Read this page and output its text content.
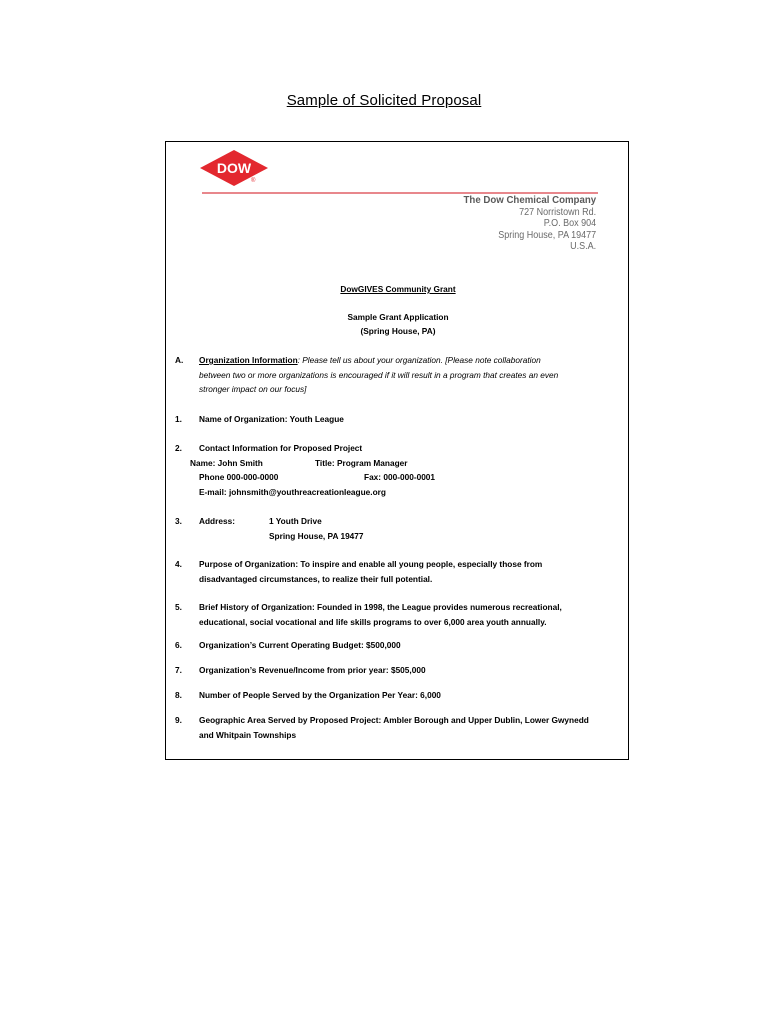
Sample of Solicited Proposal
DOW
®
The Dow Chemical Company
727 Norristown Rd.
P.O. Box 904
Spring House, PA 19477
U.S.A.
DowGIVES Community Grant
Sample Grant Application
(Spring House, PA)
A.	Organization Information: Please tell us about your organization. [Please note collaboration
between two or more organizations is encouraged if it will result in a program that creates an even
stronger impact on our focus]
1.	Name of Organization: Youth League
2.	Contact Information for Proposed Project
Name: John Smith	Title: Program Manager
Phone 000-000-0000	Fax: 000-000-0001
E-mail: johnsmith@youthreacreationleague.org
3.	Address:	1 Youth Drive
Spring House, PA 19477
4.	Purpose of Organization: To inspire and enable all young people, especially those from
disadvantaged circumstances, to realize their full potential.
5.	Brief History of Organization: Founded in 1998, the League provides numerous recreational,
educational, social vocational and life skills programs to over 6,000 area youth annually.
6.	Organization’s Current Operating Budget: $500,000
7.	Organization’s Revenue/Income from prior year: $505,000
8.	Number of People Served by the Organization Per Year: 6,000
9.	Geographic Area Served by Proposed Project: Ambler Borough and Upper Dublin, Lower Gwynedd
and Whitpain Townships
